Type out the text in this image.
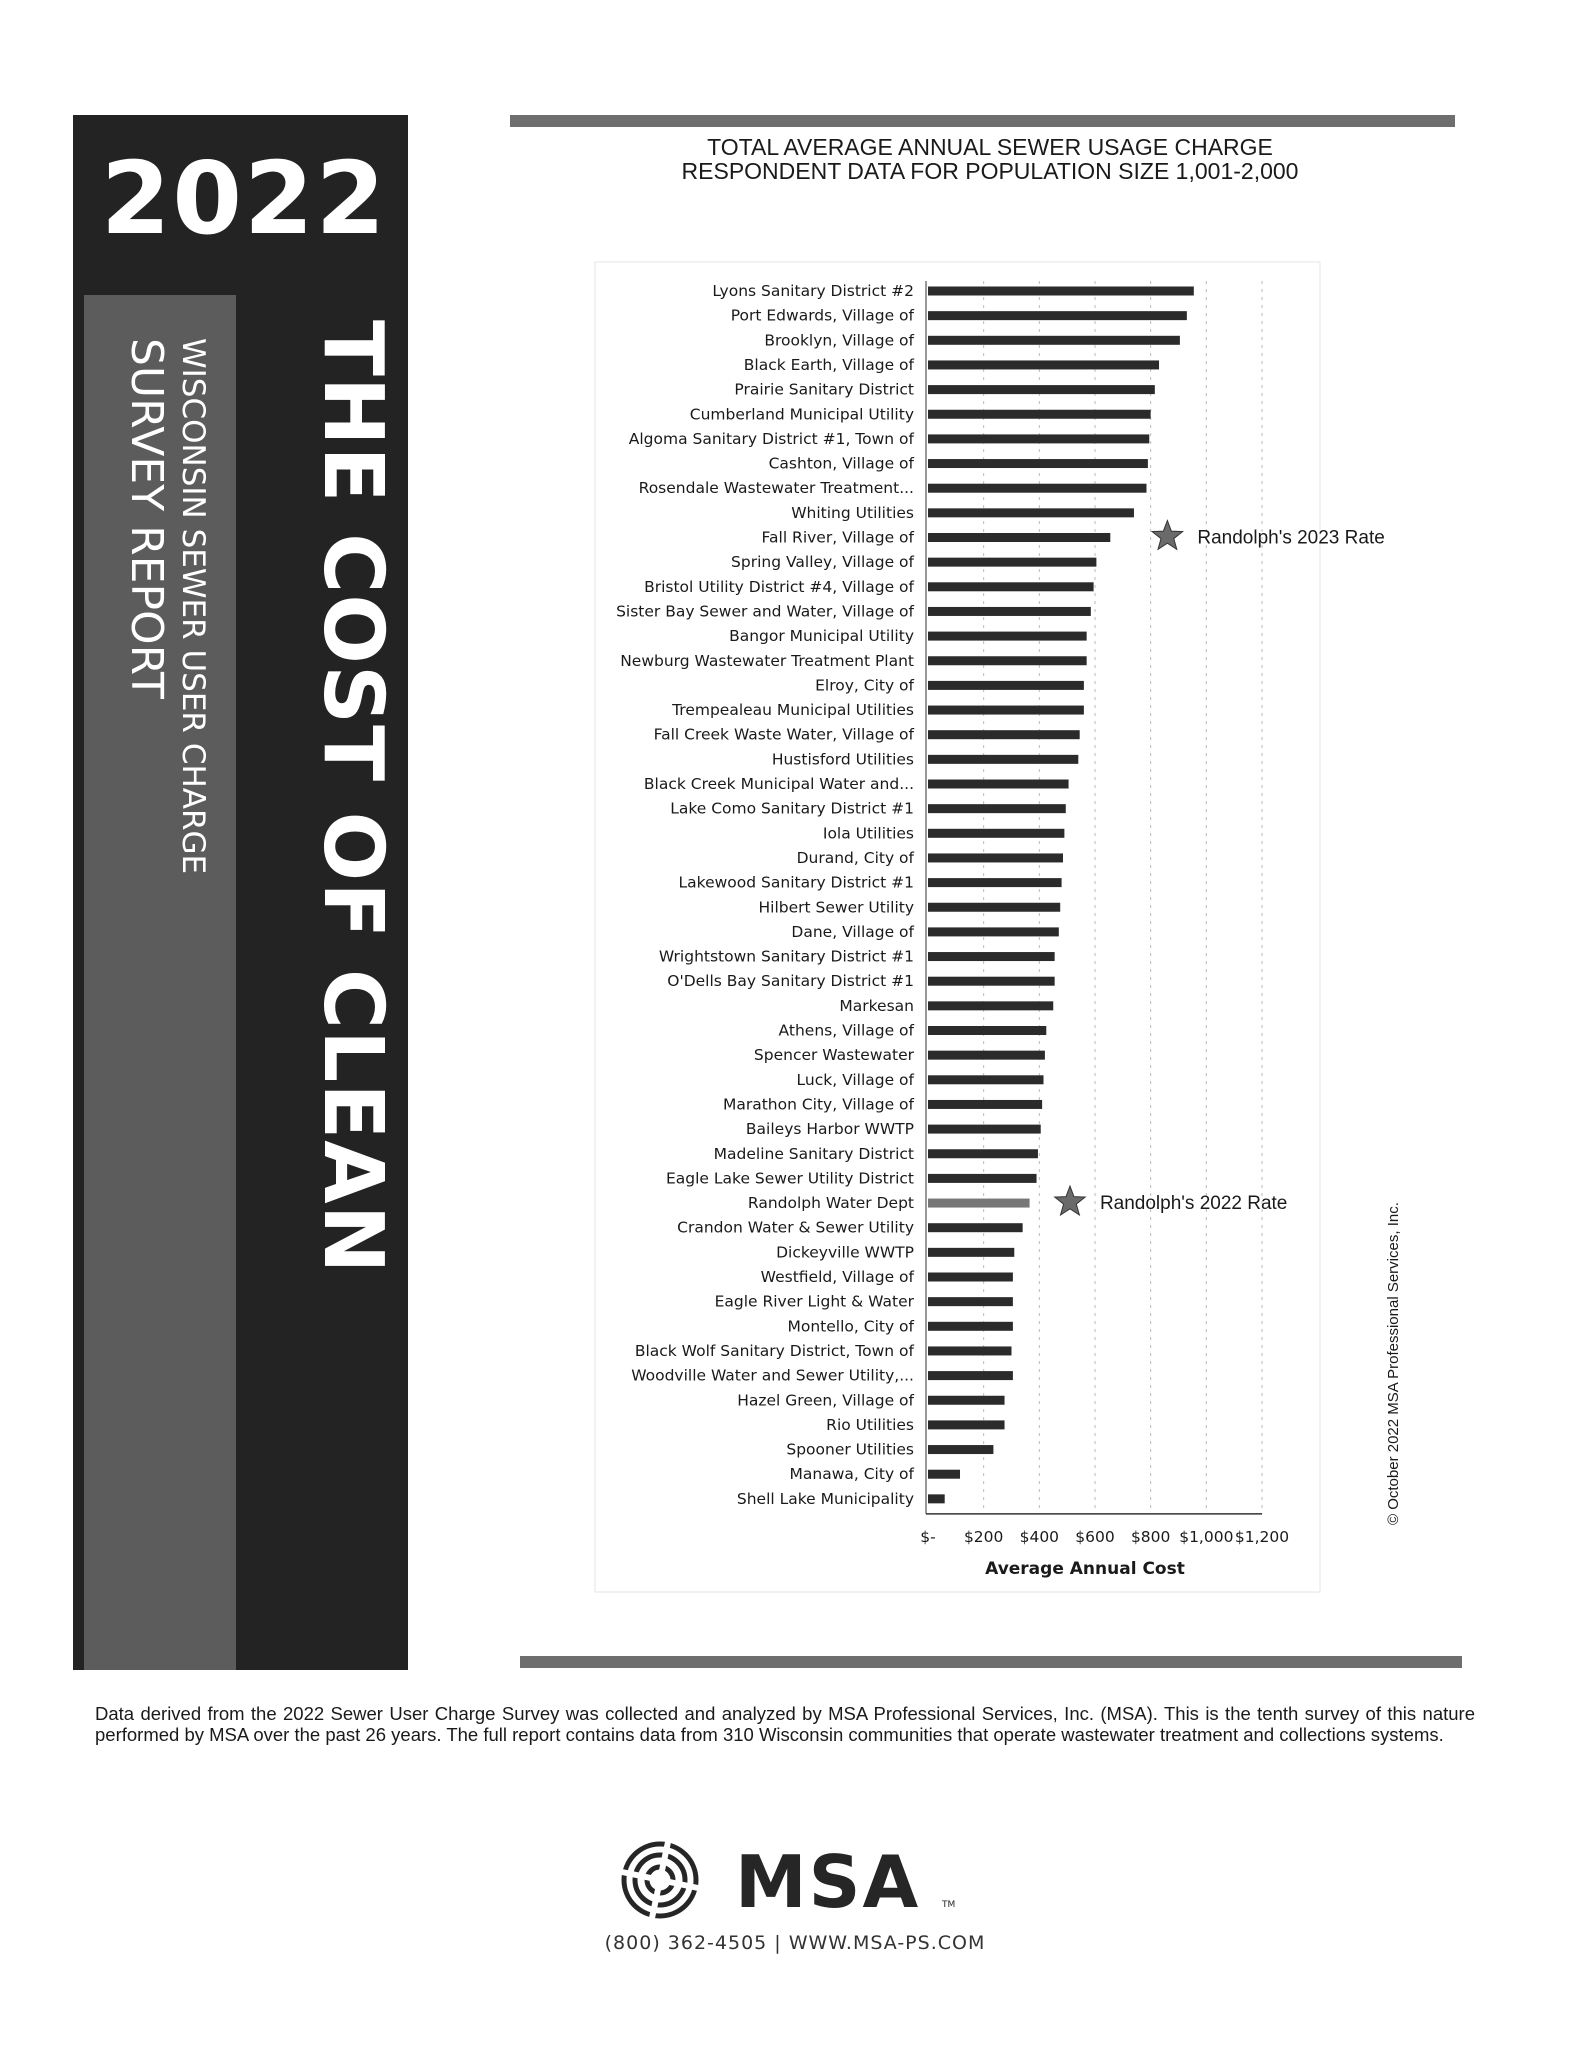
2022
THE COST OF CLEAN
WISCONSIN SEWER USER CHARGE
SURVEY REPORT
TOTAL AVERAGE ANNUAL SEWER USAGE CHARGE
RESPONDENT DATA FOR POPULATION SIZE 1,001-2,000
Lyons Sanitary District #2
Port Edwards, Village of
Brooklyn, Village of
Black Earth, Village of
Prairie Sanitary District
Cumberland Municipal Utility
Algoma Sanitary District #1, Town of
Cashton, Village of
Rosendale Wastewater Treatment...
Whiting Utilities
Fall River, Village of
Spring Valley, Village of
Bristol Utility District #4, Village of
Sister Bay Sewer and Water, Village of
Bangor Municipal Utility
Newburg Wastewater Treatment Plant
Elroy, City of
Trempealeau Municipal Utilities
Fall Creek Waste Water, Village of
Hustisford Utilities
Black Creek Municipal Water and...
Lake Como Sanitary District #1
Iola Utilities
Durand, City of
Lakewood Sanitary District #1
Hilbert Sewer Utility
Dane, Village of
Wrightstown Sanitary District #1
O'Dells Bay Sanitary District #1
Markesan
Athens, Village of
Spencer Wastewater
Luck, Village of
Marathon City, Village of
Baileys Harbor WWTP
Madeline Sanitary District
Eagle Lake Sewer Utility District
Randolph Water Dept
Crandon Water & Sewer Utility
Dickeyville WWTP
Westfield, Village of
Eagle River Light & Water
Montello, City of
Black Wolf Sanitary District, Town of
Woodville Water and Sewer Utility,...
Hazel Green, Village of
Rio Utilities
Spooner Utilities
Manawa, City of
Shell Lake Municipality
$- $200 $400 $600 $800 $1,000 $1,200
Average Annual Cost
Randolph's 2023 Rate
Randolph's 2022 Rate	© October 2022 MSA Professional Services, Inc.
Data derived from the 2022 Sewer User Charge Survey was collected and analyzed by MSA Professional Services, Inc. (MSA). This is the tenth survey of this nature performed by MSA over the past 26 years. The full report contains data from 310 Wisconsin communities that operate wastewater treatment and collections systems.
MSA TM
(800) 362-4505 | WWW.MSA-PS.COM
